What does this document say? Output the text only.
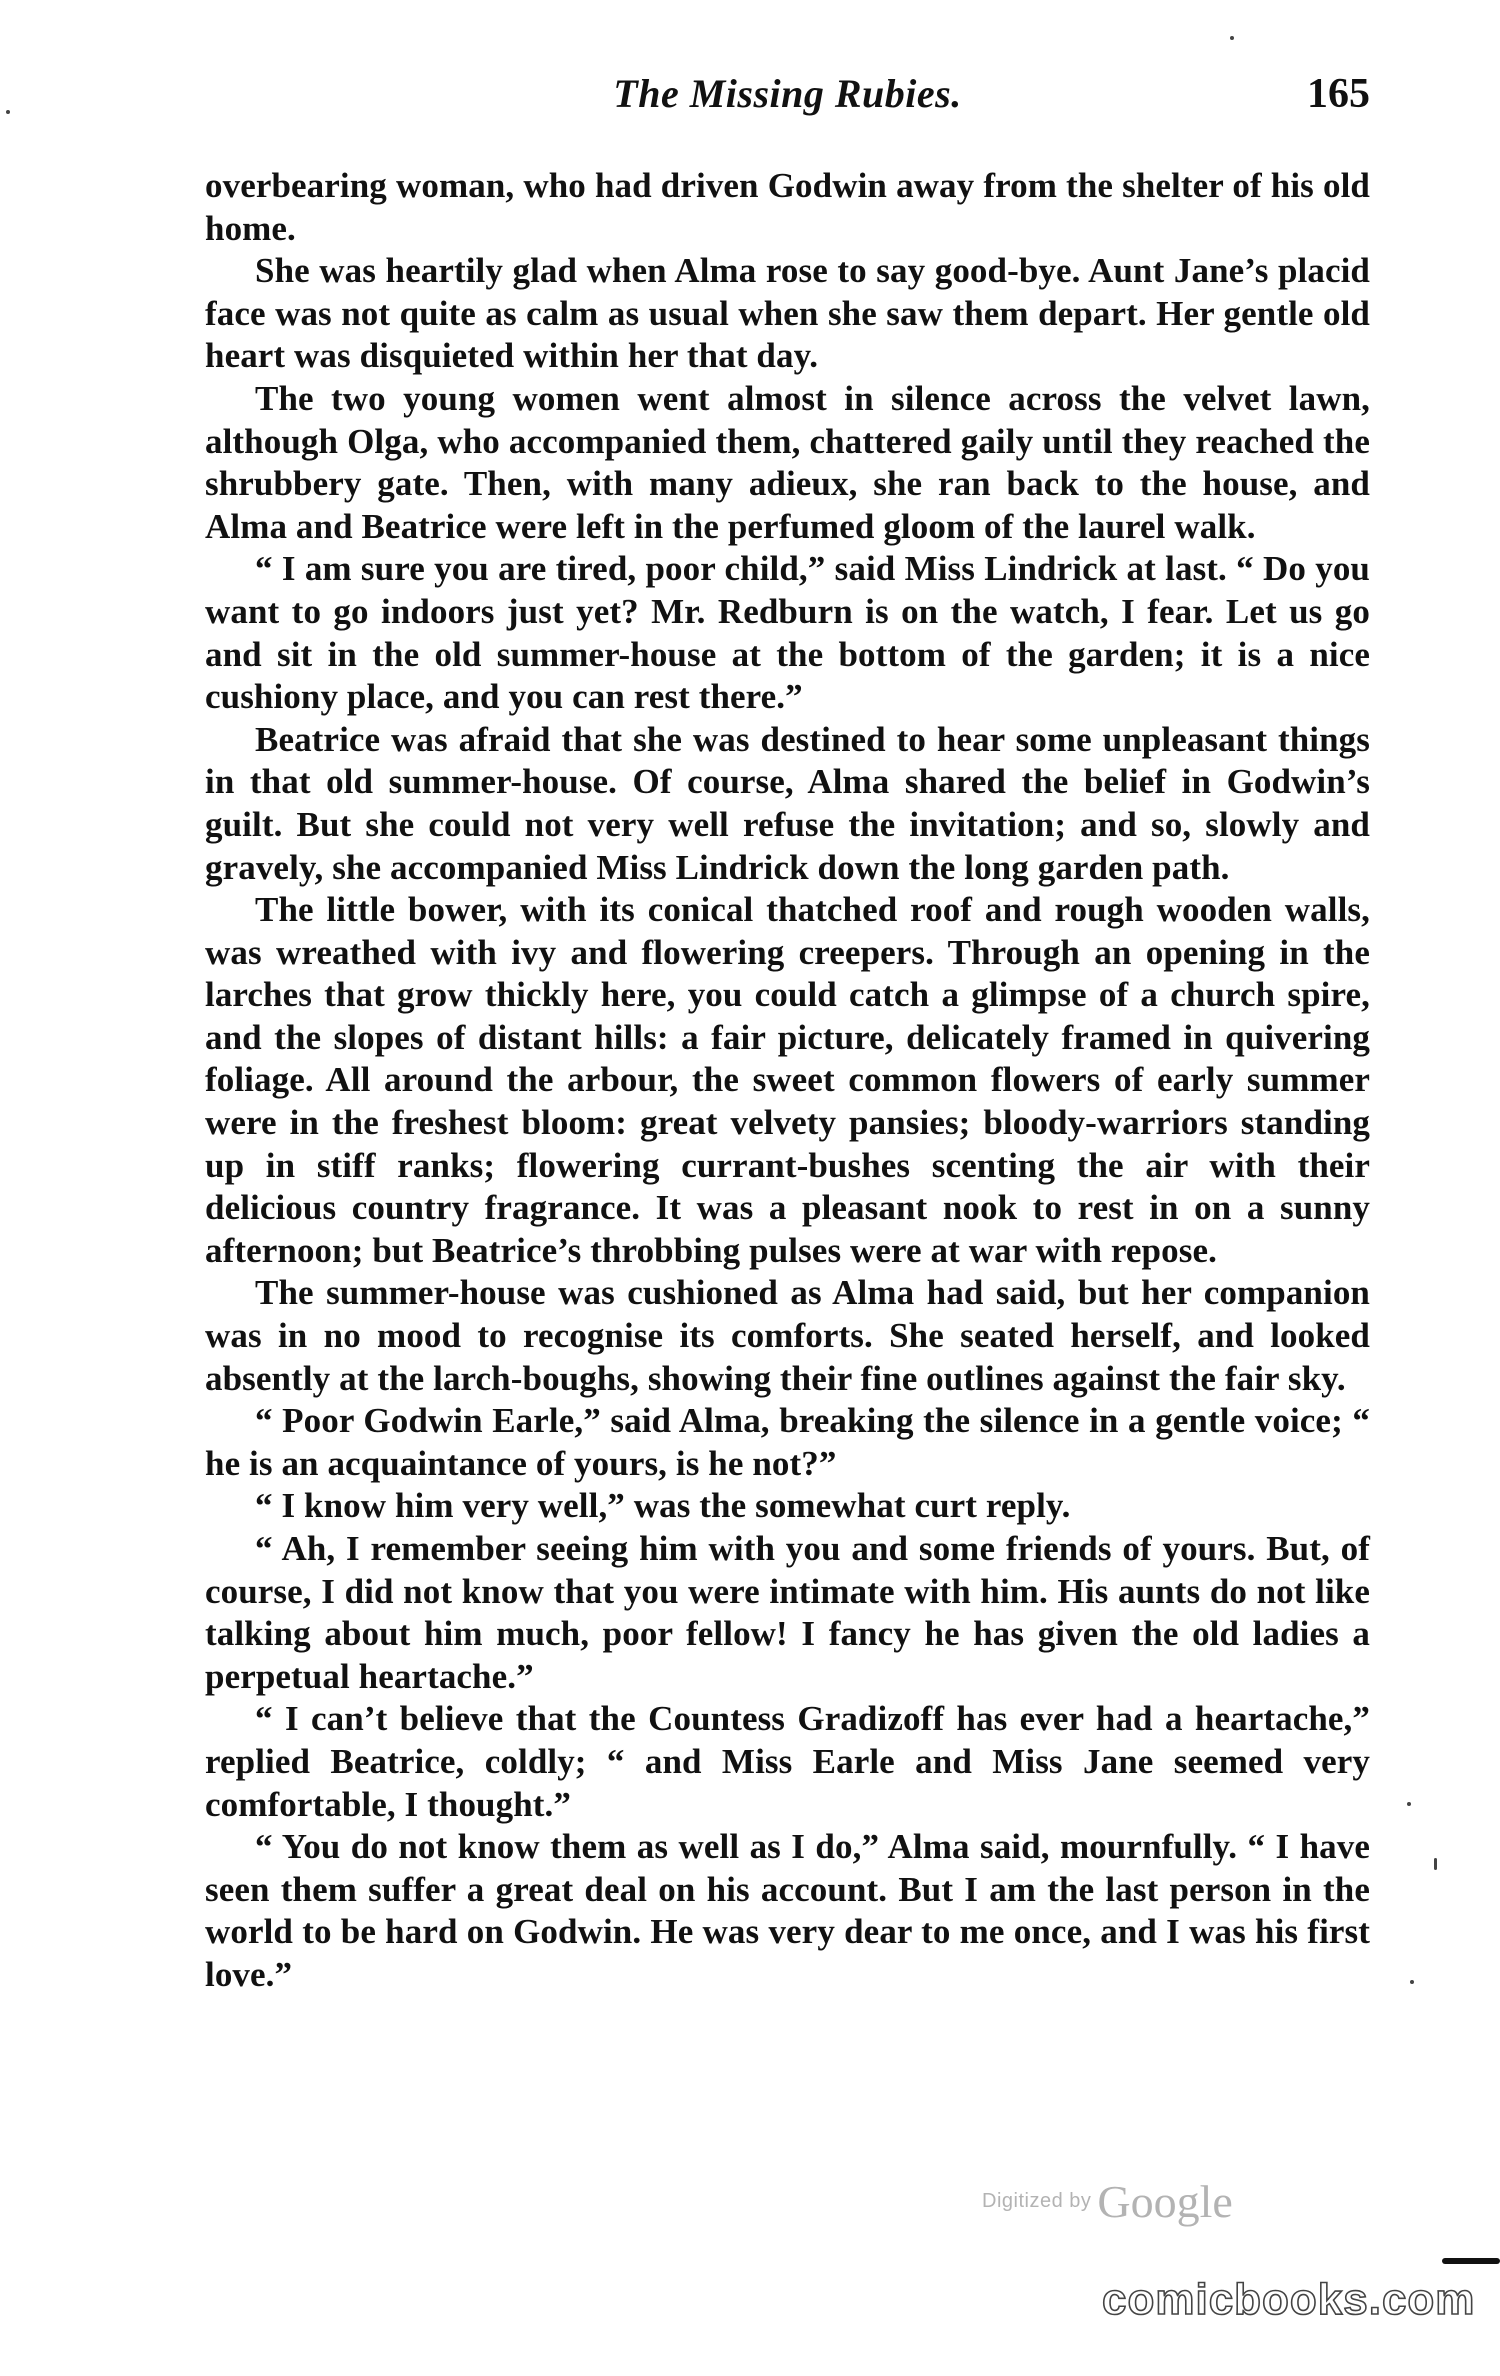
The Missing Rubies.	165

overbearing woman, who had driven Godwin away from the shelter of his old home.

She was heartily glad when Alma rose to say good-bye. Aunt Jane’s placid face was not quite as calm as usual when she saw them depart. Her gentle old heart was disquieted within her that day.

The two young women went almost in silence across the velvet lawn, although Olga, who accompanied them, chattered gaily until they reached the shrubbery gate. Then, with many adieux, she ran back to the house, and Alma and Beatrice were left in the perfumed gloom of the laurel walk.

“ I am sure you are tired, poor child,” said Miss Lindrick at last. “ Do you want to go indoors just yet? Mr. Redburn is on the watch, I fear. Let us go and sit in the old summer-house at the bottom of the garden; it is a nice cushiony place, and you can rest there.”

Beatrice was afraid that she was destined to hear some unpleasant things in that old summer-house. Of course, Alma shared the belief in Godwin’s guilt. But she could not very well refuse the invitation; and so, slowly and gravely, she accompanied Miss Lindrick down the long garden path.

The little bower, with its conical thatched roof and rough wooden walls, was wreathed with ivy and flowering creepers. Through an opening in the larches that grow thickly here, you could catch a glimpse of a church spire, and the slopes of distant hills: a fair picture, delicately framed in quivering foliage. All around the arbour, the sweet common flowers of early summer were in the freshest bloom: great velvety pansies; bloody-warriors standing up in stiff ranks; flowering currant-bushes scenting the air with their delicious country fragrance. It was a pleasant nook to rest in on a sunny afternoon; but Beatrice’s throbbing pulses were at war with repose.

The summer-house was cushioned as Alma had said, but her companion was in no mood to recognise its comforts. She seated herself, and looked absently at the larch-boughs, showing their fine outlines against the fair sky.

“ Poor Godwin Earle,” said Alma, breaking the silence in a gentle voice; “ he is an acquaintance of yours, is he not?”

“ I know him very well,” was the somewhat curt reply.

“ Ah, I remember seeing him with you and some friends of yours. But, of course, I did not know that you were intimate with him. His aunts do not like talking about him much, poor fellow! I fancy he has given the old ladies a perpetual heartache.”

“ I can’t believe that the Countess Gradizoff has ever had a heartache,” replied Beatrice, coldly; “ and Miss Earle and Miss Jane seemed very comfortable, I thought.”

“ You do not know them as well as I do,” Alma said, mournfully. “ I have seen them suffer a great deal on his account. But I am the last person in the world to be hard on Godwin. He was very dear to me once, and I was his first love.”

Digitized by Google
comicbooks.com
